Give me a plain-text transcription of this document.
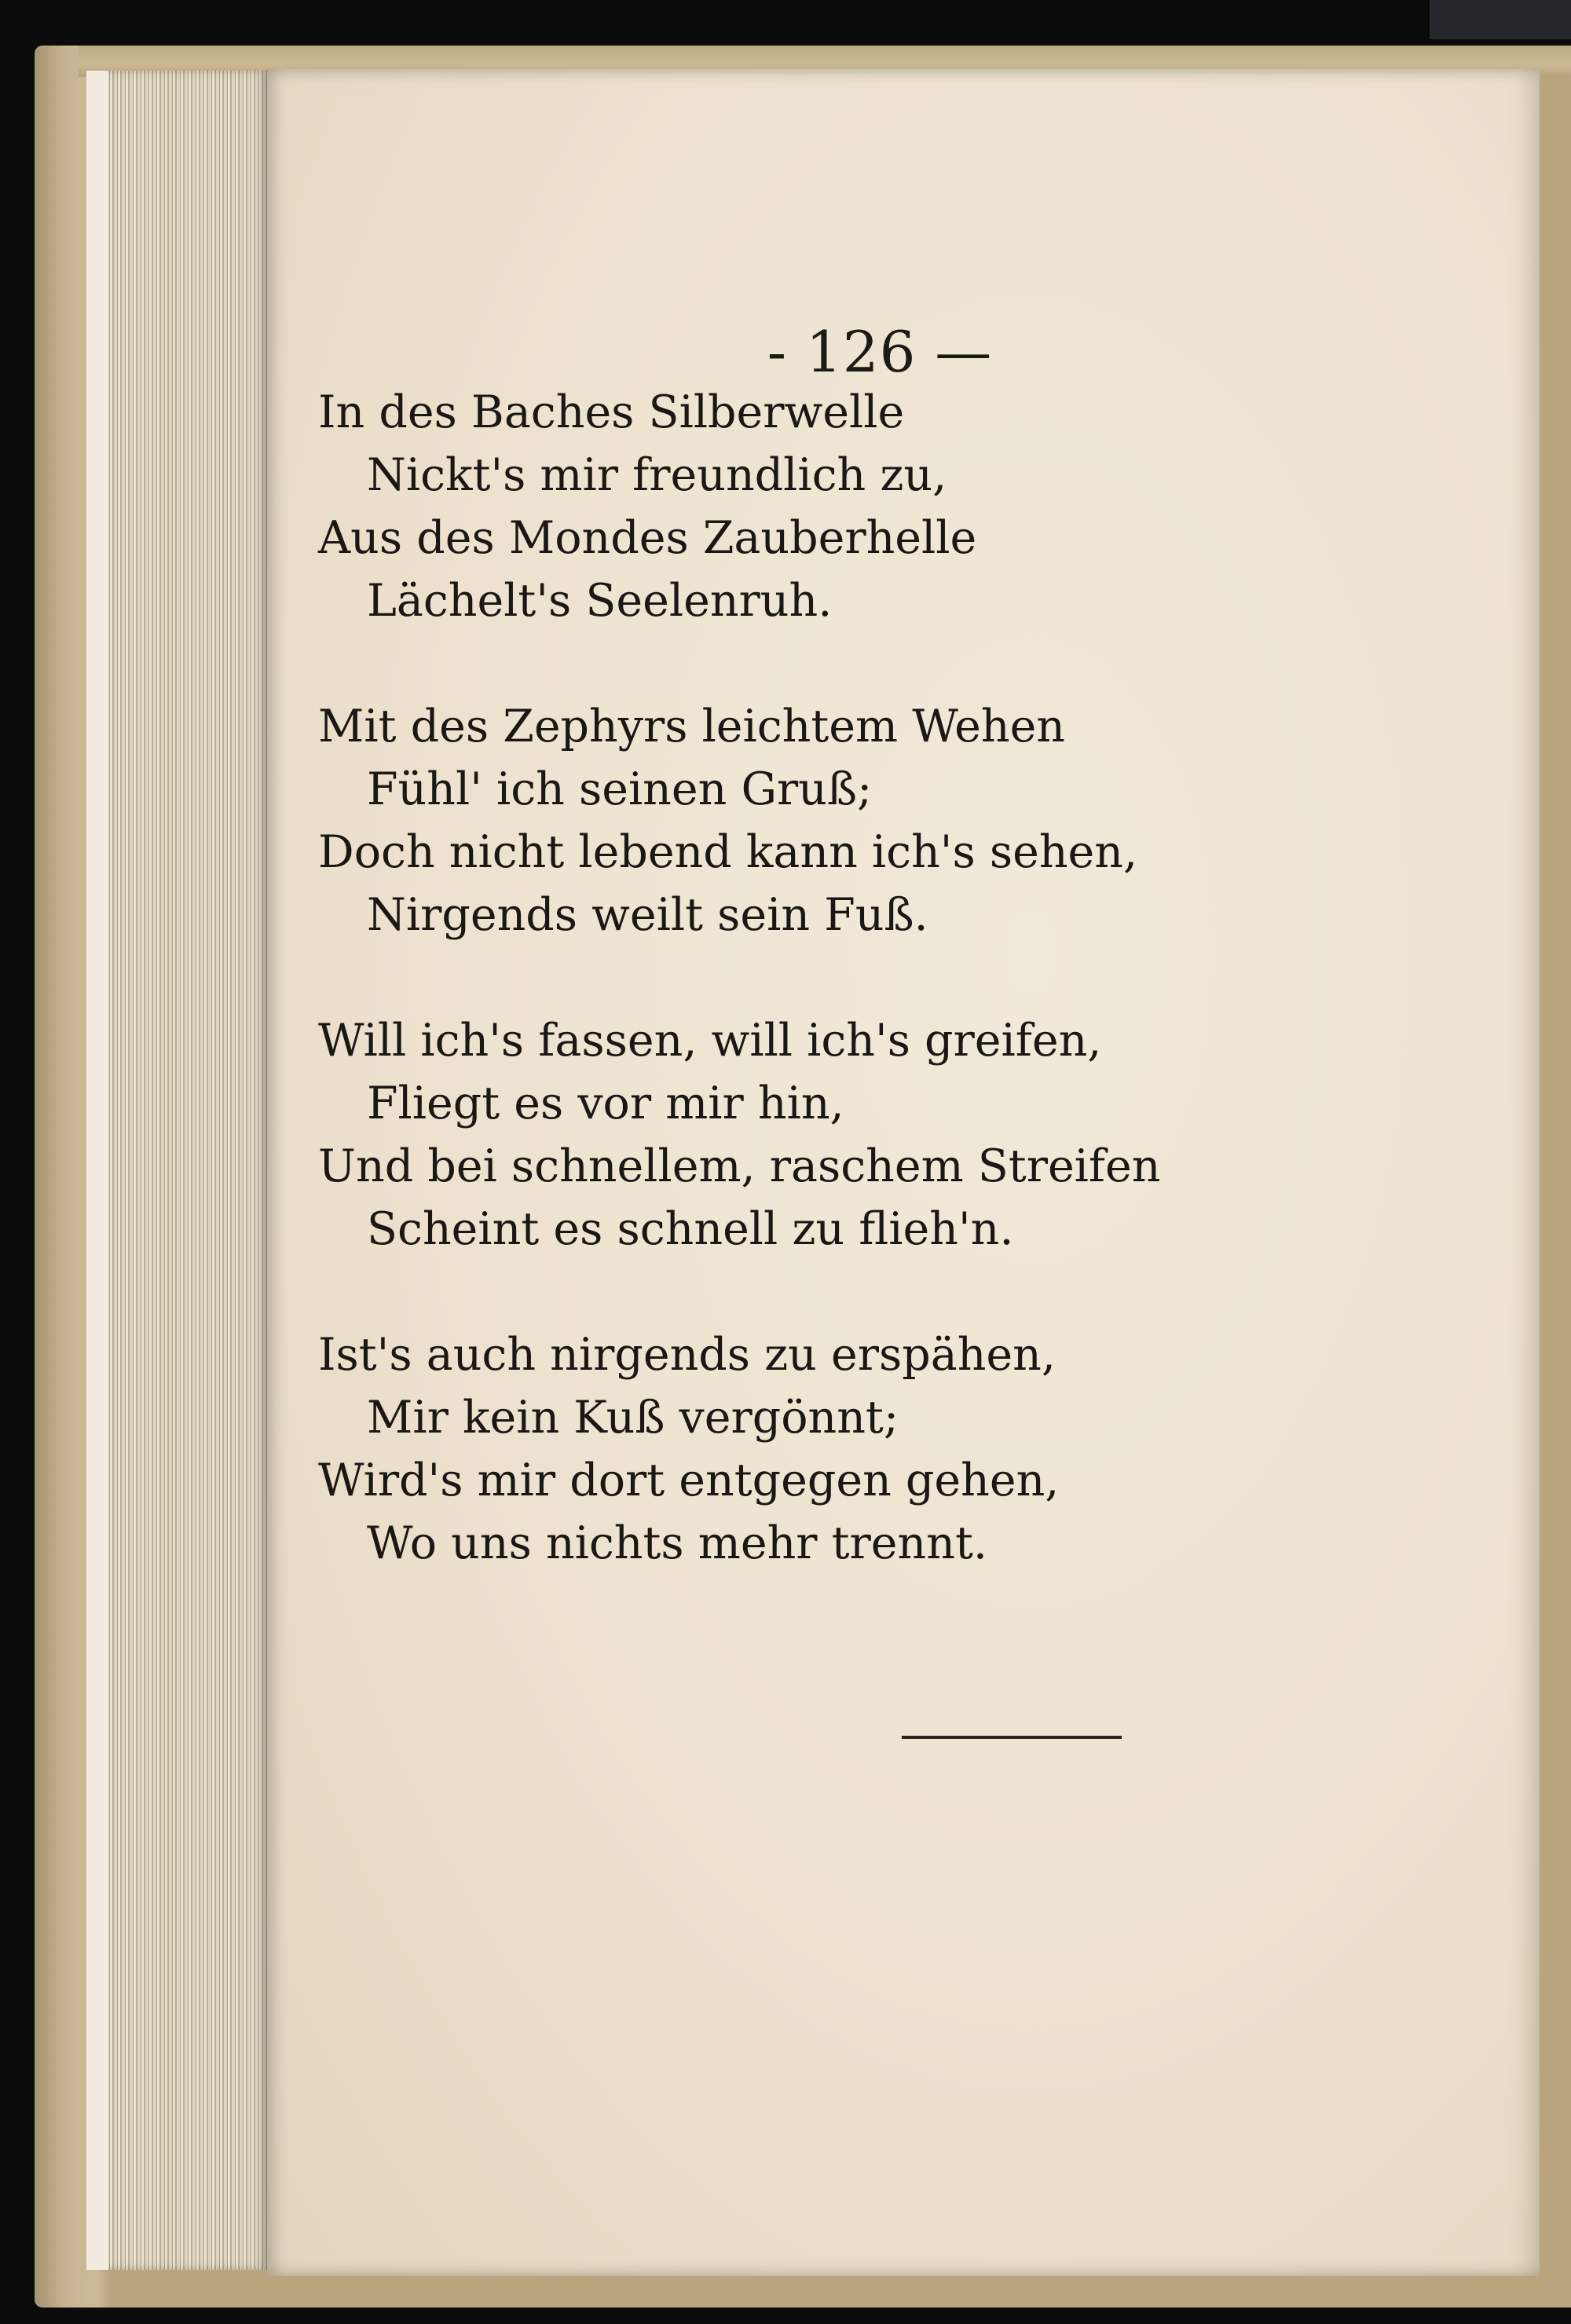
- 126 —
In des Baches Silberwelle
Nickt's mir freundlich zu,
Aus des Mondes Zauberhelle
Lächelt's Seelenruh.
Mit des Zephyrs leichtem Wehen
Fühl' ich seinen Gruß;
Doch nicht lebend kann ich's sehen,
Nirgends weilt sein Fuß.
Will ich's fassen, will ich's greifen,
Fliegt es vor mir hin,
Und bei schnellem, raschem Streifen
Scheint es schnell zu flieh'n.
Ist's auch nirgends zu erspähen,
Mir kein Kuß vergönnt;
Wird's mir dort entgegen gehen,
Wo uns nichts mehr trennt.
